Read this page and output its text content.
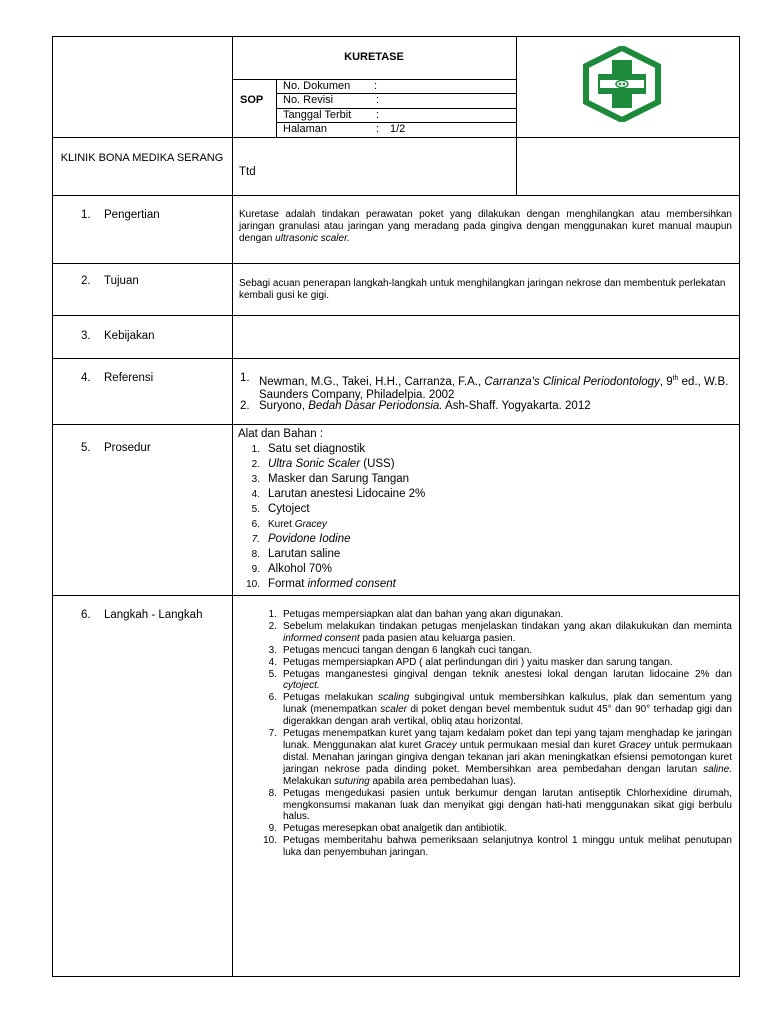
KURETASE
SOP
No. Dokumen :
No. Revisi	:
Tanggal Terbit :
Halaman	: 1/2
KLINIK BONA MEDIKA SERANG
Ttd
1. Pengertian	Kuretase adalah tindakan perawatan poket yang dilakukan dengan menghilangkan atau membersihkan jaringan granulasi atau jaringan yang meradang pada gingiva dengan menggunakan kuret manual maupun dengan ultrasonic scaler.
2. Tujuan	Sebagi acuan penerapan langkah-langkah untuk menghilangkan jaringan nekrose dan membentuk perlekatan kembali gusi ke gigi.
3. Kebijakan
4. Referensi	1. Newman, M.G., Takei, H.H., Carranza, F.A., Carranza's Clinical Periodontology, 9th ed., W.B. Saunders Company, Philadelpia. 2002
2. Suryono, Bedah Dasar Periodonsia. Ash-Shaff. Yogyakarta. 2012
5. Prosedur
Alat dan Bahan :
1. Satu set diagnostik
2. Ultra Sonic Scaler (USS)
3. Masker dan Sarung Tangan
4. Larutan anestesi Lidocaine 2%
5. Cytoject
6. Kuret Gracey
7. Povidone Iodine
8. Larutan saline
9. Alkohol 70%
10. Format informed consent
6. Langkah - Langkah	1. Petugas mempersiapkan alat dan bahan yang akan digunakan.
2. Sebelum melakukan tindakan petugas menjelaskan tindakan yang akan dilakukukan dan meminta informed consent pada pasien atau keluarga pasien.
3. Petugas mencuci tangan dengan 6 langkah cuci tangan.
4. Petugas mempersiapkan APD ( alat perlindungan diri ) yaitu masker dan sarung tangan.
5. Petugas manganestesi gingival dengan teknik anestesi lokal dengan larutan lidocaine 2% dan cytoject.
6. Petugas melakukan scaling subgingival untuk membersihkan kalkulus, plak dan sementum yang lunak (menempatkan scaler di poket dengan bevel membentuk sudut 45° dan 90° terhadap gigi dan digerakkan dengan arah vertikal, obliq atau horizontal.
7. Petugas menempatkan kuret yang tajam kedalam poket dan tepi yang tajam menghadap ke jaringan lunak. Menggunakan alat kuret Gracey untuk permukaan mesial dan kuret Gracey untuk permukaan distal. Menahan jaringan gingiva dengan tekanan jari akan meningkatkan efsiensi pemotongan kuret jaringan nekrose pada dinding poket. Membersihkan area pembedahan dengan larutan saline. Melakukan suturing apabila area pembedahan luas).
8. Petugas mengedukasi pasien untuk berkumur dengan larutan antiseptik Chlorhexidine dirumah, mengkonsumsi makanan luak dan menyikat gigi dengan hati-hati menggunakan sikat gigi berbulu halus.
9. Petugas meresepkan obat analgetik dan antibiotik.
10. Petugas memberitahu bahwa pemeriksaan selanjutnya kontrol 1 minggu untuk melihat penutupan luka dan penyembuhan jaringan.
